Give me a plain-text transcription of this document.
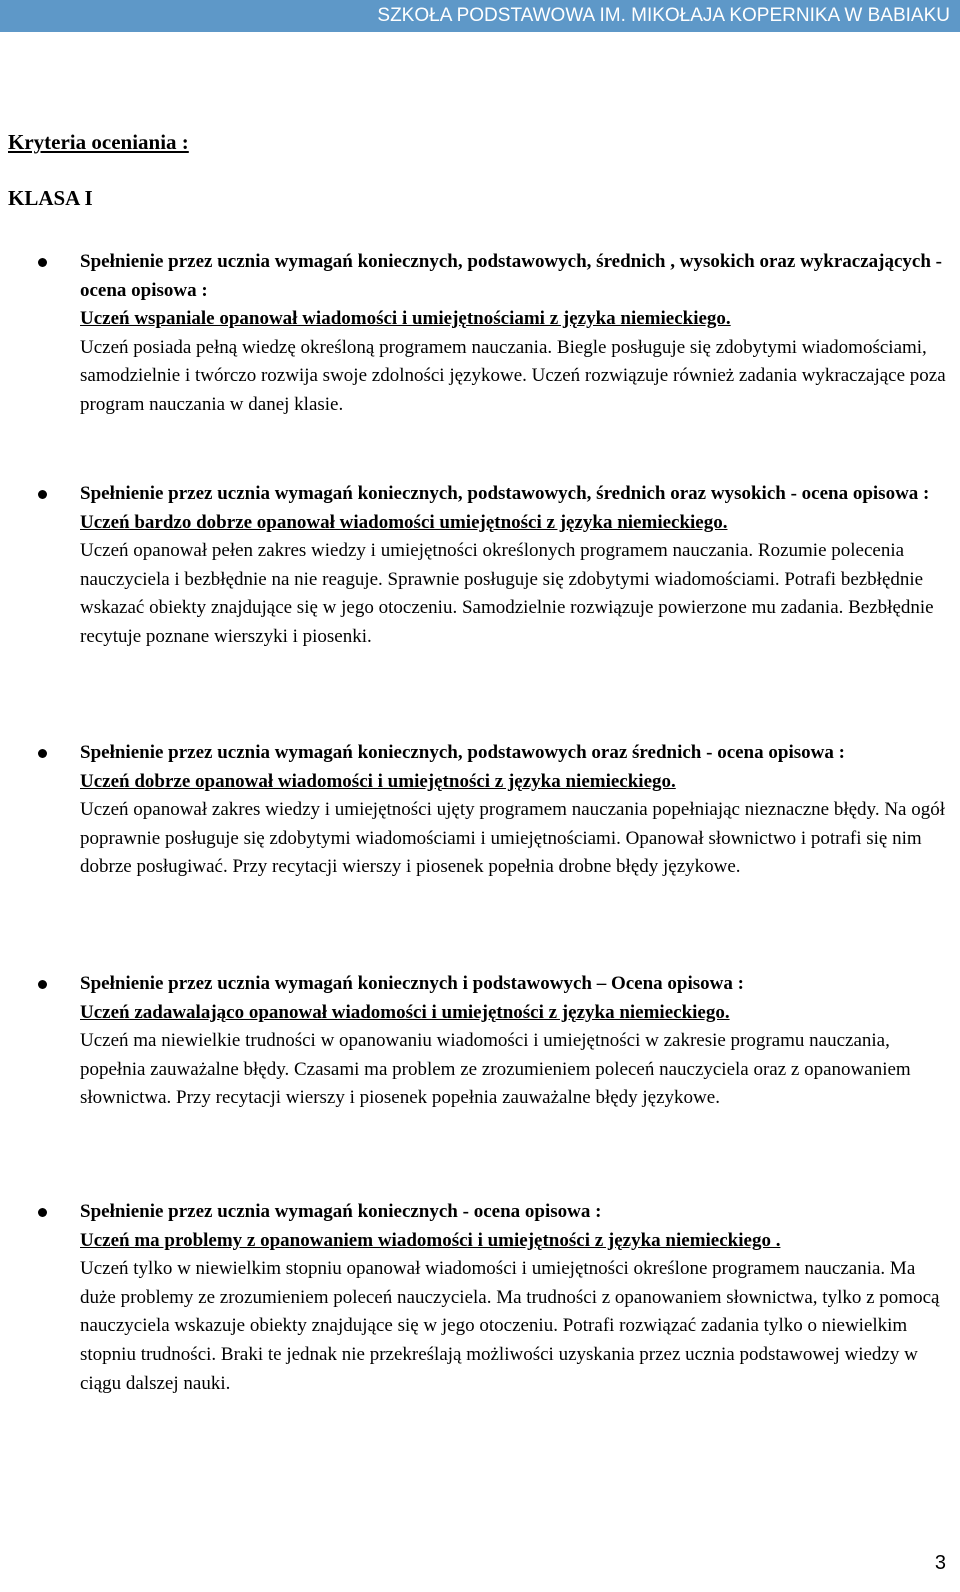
SZKOŁA PODSTAWOWA IM. MIKOŁAJA KOPERNIKA W BABIAKU
Kryteria oceniania :
KLASA I

Spełnienie przez ucznia wymagań koniecznych, podstawowych, średnich , wysokich oraz wykraczających - ocena opisowa :

Uczeń wspaniale opanował wiadomości i umiejętnościami z języka niemieckiego.

Uczeń posiada pełną wiedzę określoną programem nauczania. Biegle posługuje się zdobytymi wiadomościami, samodzielnie i twórczo rozwija swoje zdolności językowe. Uczeń rozwiązuje również zadania wykraczające poza program nauczania w danej klasie.

Spełnienie przez ucznia wymagań koniecznych, podstawowych, średnich oraz wysokich - ocena opisowa :

Uczeń bardzo dobrze opanował wiadomości umiejętności z języka niemieckiego.

Uczeń opanował pełen zakres wiedzy i umiejętności określonych programem nauczania. Rozumie polecenia nauczyciela i bezbłędnie na nie reaguje. Sprawnie posługuje się zdobytymi wiadomościami. Potrafi bezbłędnie wskazać obiekty znajdujące się w jego otoczeniu. Samodzielnie rozwiązuje powierzone mu zadania. Bezbłędnie recytuje poznane wierszyki i piosenki.

Spełnienie przez ucznia wymagań koniecznych, podstawowych oraz średnich - ocena opisowa :

Uczeń dobrze opanował wiadomości i umiejętności z języka niemieckiego.

Uczeń opanował zakres wiedzy i umiejętności ujęty programem nauczania popełniając nieznaczne błędy. Na ogół poprawnie posługuje się zdobytymi wiadomościami i umiejętnościami. Opanował słownictwo i potrafi się nim dobrze posługiwać. Przy recytacji wierszy i piosenek popełnia drobne błędy językowe.

Spełnienie przez ucznia wymagań koniecznych i podstawowych – Ocena opisowa :

Uczeń zadawalająco opanował wiadomości i umiejętności z języka niemieckiego.

Uczeń ma niewielkie trudności w opanowaniu wiadomości i umiejętności w zakresie programu nauczania, popełnia zauważalne błędy. Czasami ma problem ze zrozumieniem poleceń nauczyciela oraz z opanowaniem słownictwa. Przy recytacji wierszy i piosenek popełnia zauważalne błędy językowe.

Spełnienie przez ucznia wymagań koniecznych - ocena opisowa :

Uczeń ma problemy z opanowaniem wiadomości i umiejętności z języka niemieckiego .

Uczeń tylko w niewielkim stopniu opanował wiadomości i umiejętności określone programem nauczania. Ma duże problemy ze zrozumieniem poleceń nauczyciela. Ma trudności z opanowaniem słownictwa, tylko z pomocą nauczyciela wskazuje obiekty znajdujące się w jego otoczeniu. Potrafi rozwiązać zadania tylko o niewielkim stopniu trudności. Braki te jednak nie przekreślają możliwości uzyskania przez ucznia podstawowej wiedzy w ciągu dalszej nauki.

3
